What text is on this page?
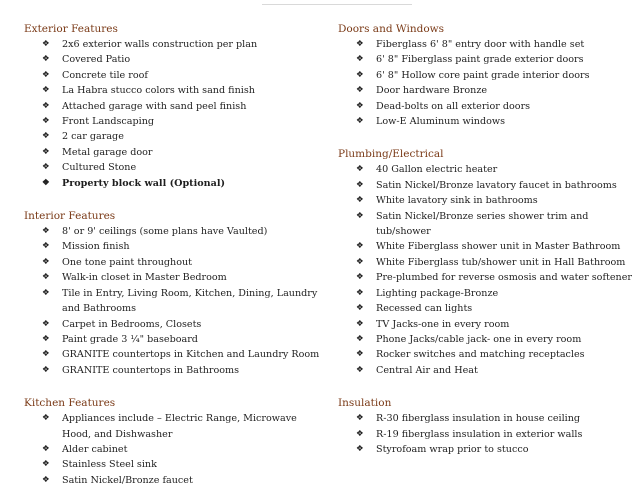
Exterior Features
❖ 2x6 exterior walls construction per plan
❖ Covered Patio
❖ Concrete tile roof
❖ La Habra stucco colors with sand finish
❖ Attached garage with sand peel finish
❖ Front Landscaping
❖ 2 car garage
❖ Metal garage door
❖ Cultured Stone
❖ Property block wall (Optional)
Interior Features
❖ 8' or 9' ceilings (some plans have Vaulted)
❖ Mission finish
❖ One tone paint throughout
❖ Walk-in closet in Master Bedroom
❖ Tile in Entry, Living Room, Kitchen, Dining, Laundry and Bathrooms
❖ Carpet in Bedrooms, Closets
❖ Paint grade 3 ¼" baseboard
❖ GRANITE countertops in Kitchen and Laundry Room
❖ GRANITE countertops in Bathrooms
Kitchen Features
❖ Appliances include – Electric Range, Microwave Hood, and Dishwasher
❖ Alder cabinet
❖ Stainless Steel sink
❖ Satin Nickel/Bronze faucet
Doors and Windows
❖ Fiberglass 6' 8" entry door with handle set
❖ 6' 8" Fiberglass paint grade exterior doors
❖ 6' 8" Hollow core paint grade interior doors
❖ Door hardware Bronze
❖ Dead-bolts on all exterior doors
❖ Low-E Aluminum windows
Plumbing/Electrical
❖ 40 Gallon electric heater
❖ Satin Nickel/Bronze lavatory faucet in bathrooms
❖ White lavatory sink in bathrooms
❖ Satin Nickel/Bronze series shower trim and tub/shower
❖ White Fiberglass shower unit in Master Bathroom
❖ White Fiberglass tub/shower unit in Hall Bathroom
❖ Pre-plumbed for reverse osmosis and water softener
❖ Lighting package-Bronze
❖ Recessed can lights
❖ TV Jacks-one in every room
❖ Phone Jacks/cable jack- one in every room
❖ Rocker switches and matching receptacles
❖ Central Air and Heat
Insulation
❖ R-30 fiberglass insulation in house ceiling
❖ R-19 fiberglass insulation in exterior walls
❖ Styrofoam wrap prior to stucco
